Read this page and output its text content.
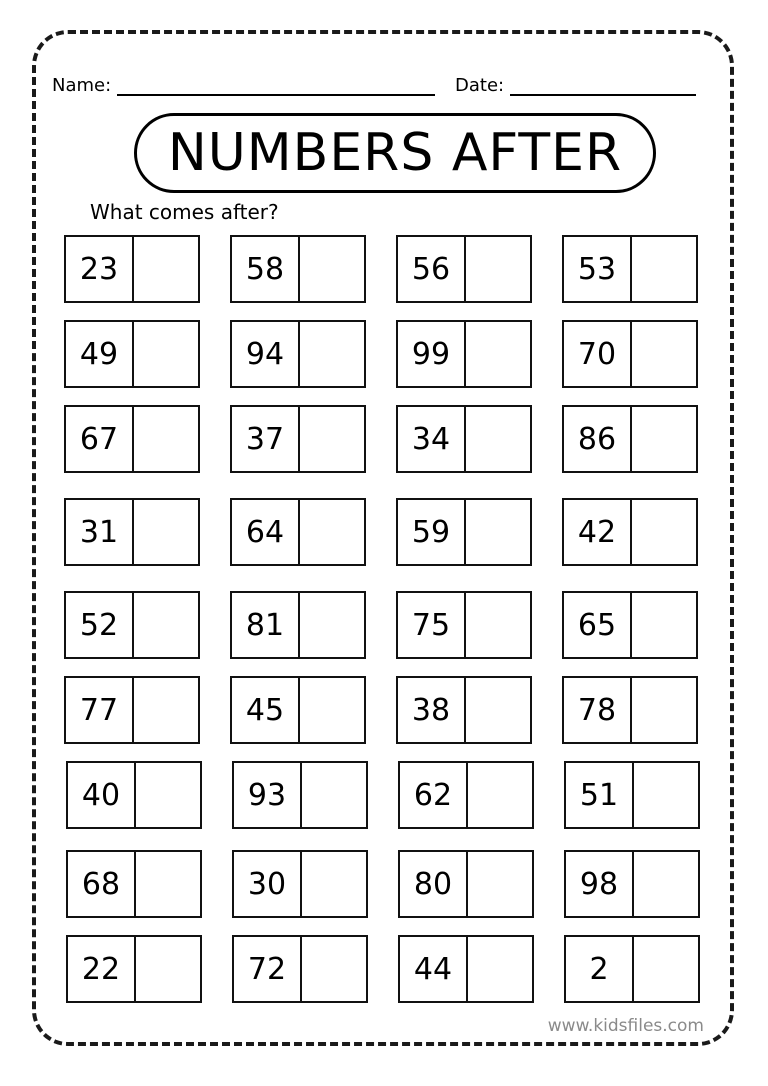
Name:	Date:
NUMBERS AFTER
What comes after?
23	58	56	53
49	94	99	70
67	37	34	86
31	64	59	42
52	81	75	65
77	45	38	78
40	93	62	51
68	30	80	98
22	72	44	2
www.kidsfiles.com
